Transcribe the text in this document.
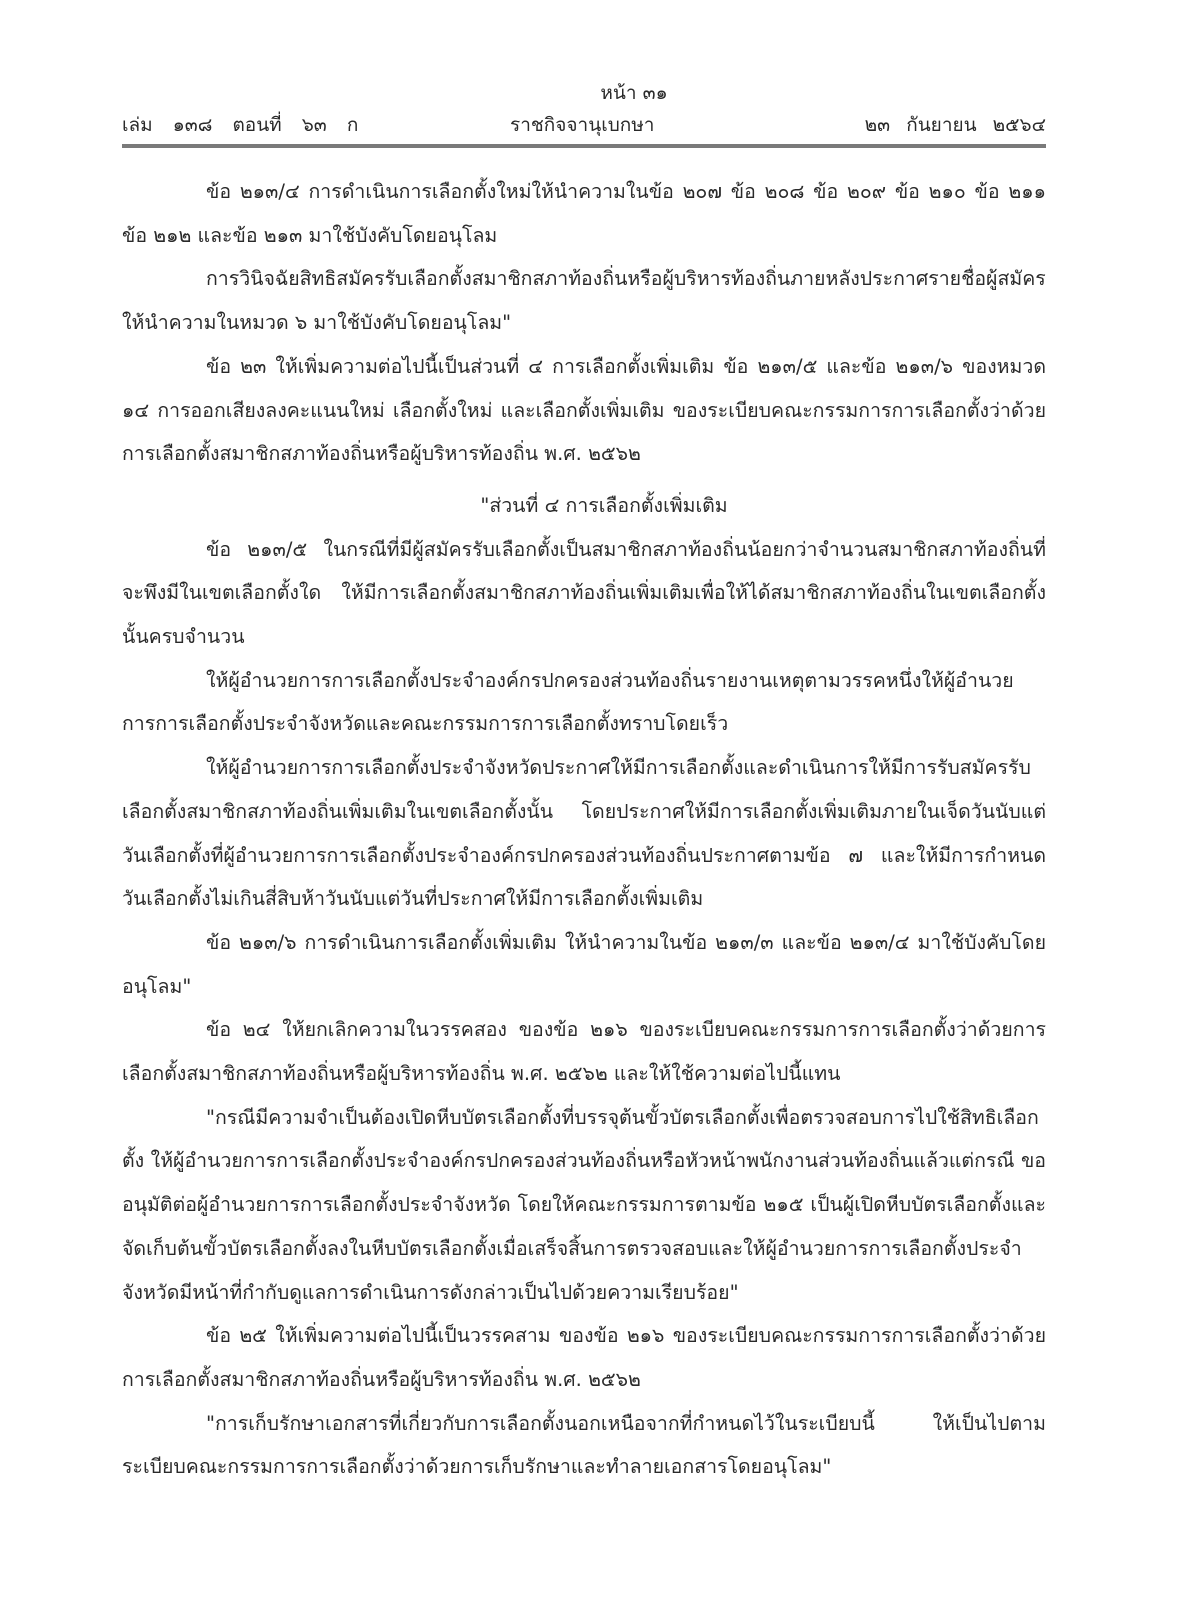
หน้า ๓๑
เล่ม ๑๓๘ ตอนที่ ๖๓ ก	ราชกิจจานุเบกษา	๒๓ กันยายน ๒๕๖๔

ข้อ ๒๑๓/๔ การดำเนินการเลือกตั้งใหม่ให้นำความในข้อ ๒๐๗ ข้อ ๒๐๘ ข้อ ๒๐๙ ข้อ ๒๑๐ ข้อ ๒๑๑ ข้อ ๒๑๒ และข้อ ๒๑๓ มาใช้บังคับโดยอนุโลม

การวินิจฉัยสิทธิสมัครรับเลือกตั้งสมาชิกสภาท้องถิ่นหรือผู้บริหารท้องถิ่นภายหลังประกาศรายชื่อผู้สมัคร ให้นำความในหมวด ๖ มาใช้บังคับโดยอนุโลม"

ข้อ ๒๓ ให้เพิ่มความต่อไปนี้เป็นส่วนที่ ๔ การเลือกตั้งเพิ่มเติม ข้อ ๒๑๓/๕ และข้อ ๒๑๓/๖ ของหมวด ๑๔ การออกเสียงลงคะแนนใหม่ เลือกตั้งใหม่ และเลือกตั้งเพิ่มเติม ของระเบียบคณะกรรมการการเลือกตั้งว่าด้วยการเลือกตั้งสมาชิกสภาท้องถิ่นหรือผู้บริหารท้องถิ่น พ.ศ. ๒๕๖๒

"ส่วนที่ ๔ การเลือกตั้งเพิ่มเติม

ข้อ ๒๑๓/๕ ในกรณีที่มีผู้สมัครรับเลือกตั้งเป็นสมาชิกสภาท้องถิ่นน้อยกว่าจำนวนสมาชิกสภาท้องถิ่นที่จะพึงมีในเขตเลือกตั้งใด ให้มีการเลือกตั้งสมาชิกสภาท้องถิ่นเพิ่มเติมเพื่อให้ได้สมาชิกสภาท้องถิ่นในเขตเลือกตั้งนั้นครบจำนวน

ให้ผู้อำนวยการการเลือกตั้งประจำองค์กรปกครองส่วนท้องถิ่นรายงานเหตุตามวรรคหนึ่งให้ผู้อำนวยการการเลือกตั้งประจำจังหวัดและคณะกรรมการการเลือกตั้งทราบโดยเร็ว

ให้ผู้อำนวยการการเลือกตั้งประจำจังหวัดประกาศให้มีการเลือกตั้งและดำเนินการให้มีการรับสมัครรับเลือกตั้งสมาชิกสภาท้องถิ่นเพิ่มเติมในเขตเลือกตั้งนั้น โดยประกาศให้มีการเลือกตั้งเพิ่มเติมภายในเจ็ดวันนับแต่วันเลือกตั้งที่ผู้อำนวยการการเลือกตั้งประจำองค์กรปกครองส่วนท้องถิ่นประกาศตามข้อ ๗ และให้มีการกำหนดวันเลือกตั้งไม่เกินสี่สิบห้าวันนับแต่วันที่ประกาศให้มีการเลือกตั้งเพิ่มเติม

ข้อ ๒๑๓/๖ การดำเนินการเลือกตั้งเพิ่มเติม ให้นำความในข้อ ๒๑๓/๓ และข้อ ๒๑๓/๔ มาใช้บังคับโดยอนุโลม"

ข้อ ๒๔ ให้ยกเลิกความในวรรคสอง ของข้อ ๒๑๖ ของระเบียบคณะกรรมการการเลือกตั้งว่าด้วยการเลือกตั้งสมาชิกสภาท้องถิ่นหรือผู้บริหารท้องถิ่น พ.ศ. ๒๕๖๒ และให้ใช้ความต่อไปนี้แทน

"กรณีมีความจำเป็นต้องเปิดหีบบัตรเลือกตั้งที่บรรจุต้นขั้วบัตรเลือกตั้งเพื่อตรวจสอบการไปใช้สิทธิเลือกตั้ง ให้ผู้อำนวยการการเลือกตั้งประจำองค์กรปกครองส่วนท้องถิ่นหรือหัวหน้าพนักงานส่วนท้องถิ่นแล้วแต่กรณี ขออนุมัติต่อผู้อำนวยการการเลือกตั้งประจำจังหวัด โดยให้คณะกรรมการตามข้อ ๒๑๕ เป็นผู้เปิดหีบบัตรเลือกตั้งและจัดเก็บต้นขั้วบัตรเลือกตั้งลงในหีบบัตรเลือกตั้งเมื่อเสร็จสิ้นการตรวจสอบและให้ผู้อำนวยการการเลือกตั้งประจำจังหวัดมีหน้าที่กำกับดูแลการดำเนินการดังกล่าวเป็นไปด้วยความเรียบร้อย"

ข้อ ๒๕ ให้เพิ่มความต่อไปนี้เป็นวรรคสาม ของข้อ ๒๑๖ ของระเบียบคณะกรรมการการเลือกตั้งว่าด้วยการเลือกตั้งสมาชิกสภาท้องถิ่นหรือผู้บริหารท้องถิ่น พ.ศ. ๒๕๖๒

"การเก็บรักษาเอกสารที่เกี่ยวกับการเลือกตั้งนอกเหนือจากที่กำหนดไว้ในระเบียบนี้ ให้เป็นไปตามระเบียบคณะกรรมการการเลือกตั้งว่าด้วยการเก็บรักษาและทำลายเอกสารโดยอนุโลม"
